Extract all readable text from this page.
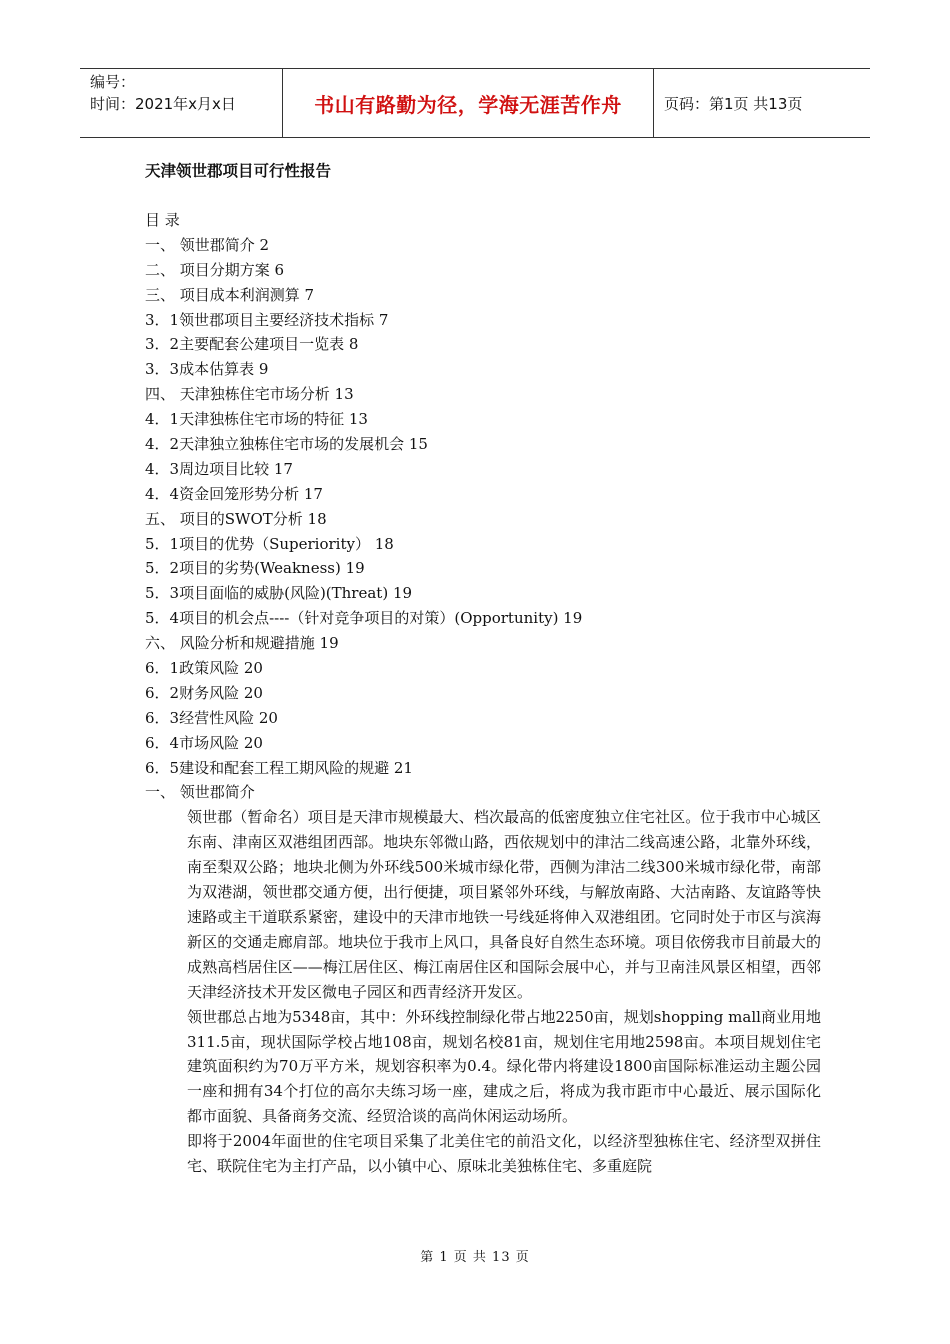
编号：
时间：2021年x月x日	书山有路勤为径，学海无涯苦作舟	页码：第1页 共13页
天津领世郡项目可行性报告
目 录
一、 领世郡简介 2
二、 项目分期方案 6
三、 项目成本利润测算 7
3．1领世郡项目主要经济技术指标 7
3．2主要配套公建项目一览表 8
3．3成本估算表 9
四、 天津独栋住宅市场分析 13
4．1天津独栋住宅市场的特征 13
4．2天津独立独栋住宅市场的发展机会 15
4．3周边项目比较 17
4．4资金回笼形势分析 17
五、 项目的SWOT分析 18
5．1项目的优势（Superiority） 18
5．2项目的劣势(Weakness) 19
5．3项目面临的威胁(风险)(Threat) 19
5．4项目的机会点----（针对竞争项目的对策）(Opportunity) 19
六、 风险分析和规避措施 19
6．1政策风险 20
6．2财务风险 20
6．3经营性风险 20
6．4市场风险 20
6．5建设和配套工程工期风险的规避 21
一、 领世郡简介
领世郡（暂命名）项目是天津市规模最大、档次最高的低密度独立住宅社区。位于我市中心城区东南、津南区双港组团西部。地块东邻微山路，西依规划中的津沽二线高速公路，北靠外环线，南至梨双公路；地块北侧为外环线500米城市绿化带，西侧为津沽二线300米城市绿化带，南部为双港湖，领世郡交通方便，出行便捷，项目紧邻外环线，与解放南路、大沽南路、友谊路等快速路或主干道联系紧密，建设中的天津市地铁一号线延将伸入双港组团。它同时处于市区与滨海新区的交通走廊肩部。地块位于我市上风口，具备良好自然生态环境。项目依傍我市目前最大的成熟高档居住区——梅江居住区、梅江南居住区和国际会展中心，并与卫南洼风景区相望，西邻天津经济技术开发区微电子园区和西青经济开发区。
领世郡总占地为5348亩，其中：外环线控制绿化带占地2250亩，规划shopping mall商业用地311.5亩，现状国际学校占地108亩，规划名校81亩，规划住宅用地2598亩。本项目规划住宅建筑面积约为70万平方米，规划容积率为0.4。绿化带内将建设1800亩国际标准运动主题公园一座和拥有34个打位的高尔夫练习场一座，建成之后，将成为我市距市中心最近、展示国际化都市面貌、具备商务交流、经贸洽谈的高尚休闲运动场所。
即将于2004年面世的住宅项目采集了北美住宅的前沿文化，以经济型独栋住宅、经济型双拼住宅、联院住宅为主打产品，以小镇中心、原味北美独栋住宅、多重庭院
第 1 页 共 13 页
